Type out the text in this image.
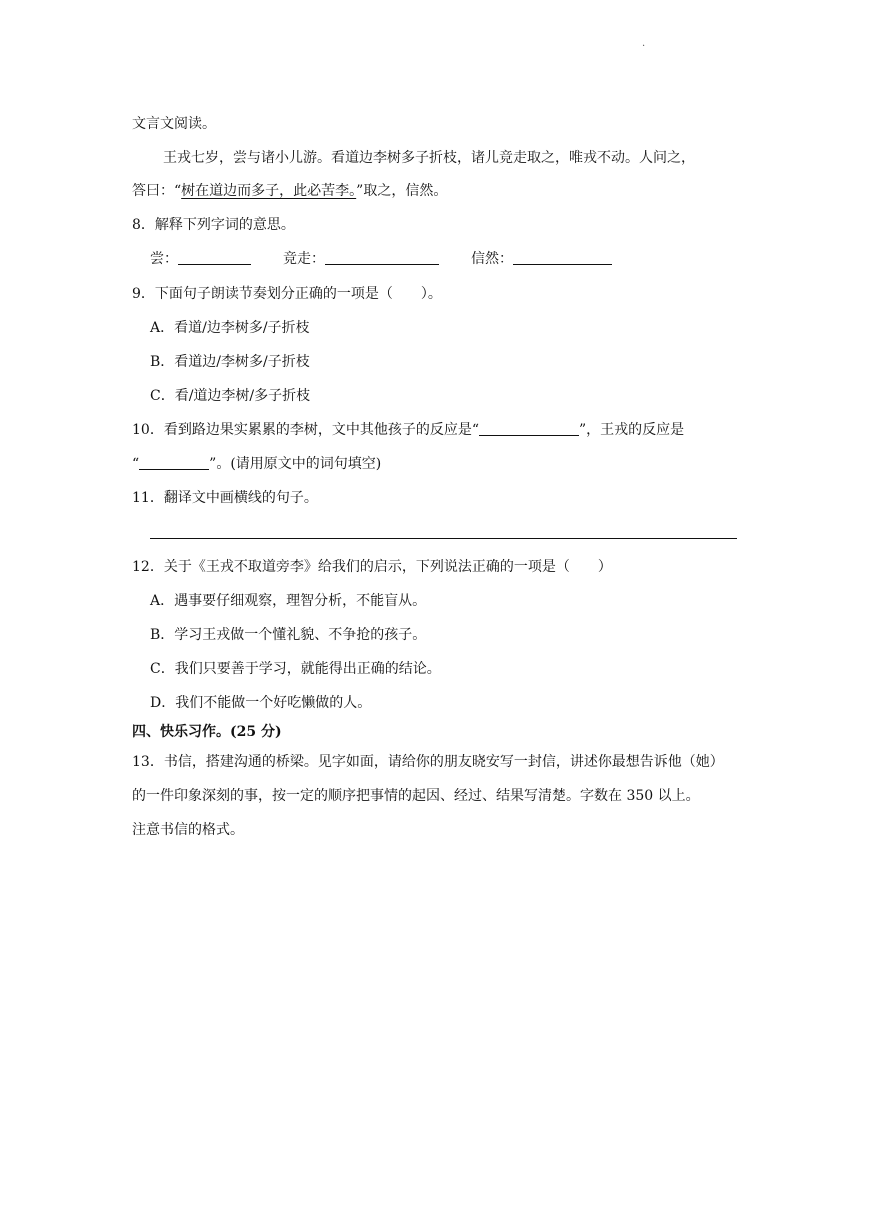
.
文言文阅读。
王戎七岁，尝与诸小儿游。看道边李树多子折枝，诸儿竞走取之，唯戎不动。人问之，
答曰：“树在道边而多子，此必苦李。”取之，信然。
8．解释下列字词的意思。
尝：	竞走：	信然：
9．下面句子朗读节奏划分正确的一项是（　　）。
A．看道/边李树多/子折枝
B．看道边/李树多/子折枝
C．看/道边李树/多子折枝
10．看到路边果实累累的李树，文中其他孩子的反应是“	”，王戎的反应是
“	”。(请用原文中的词句填空)
11．翻译文中画横线的句子。
12．关于《王戎不取道旁李》给我们的启示，下列说法正确的一项是（　　）
A．遇事要仔细观察，理智分析，不能盲从。
B．学习王戎做一个懂礼貌、不争抢的孩子。
C．我们只要善于学习，就能得出正确的结论。
D．我们不能做一个好吃懒做的人。
四、快乐习作。(25 分)
13．书信，搭建沟通的桥梁。见字如面，请给你的朋友晓安写一封信，讲述你最想告诉他（她）
的一件印象深刻的事，按一定的顺序把事情的起因、经过、结果写清楚。字数在 350 以上。
注意书信的格式。
